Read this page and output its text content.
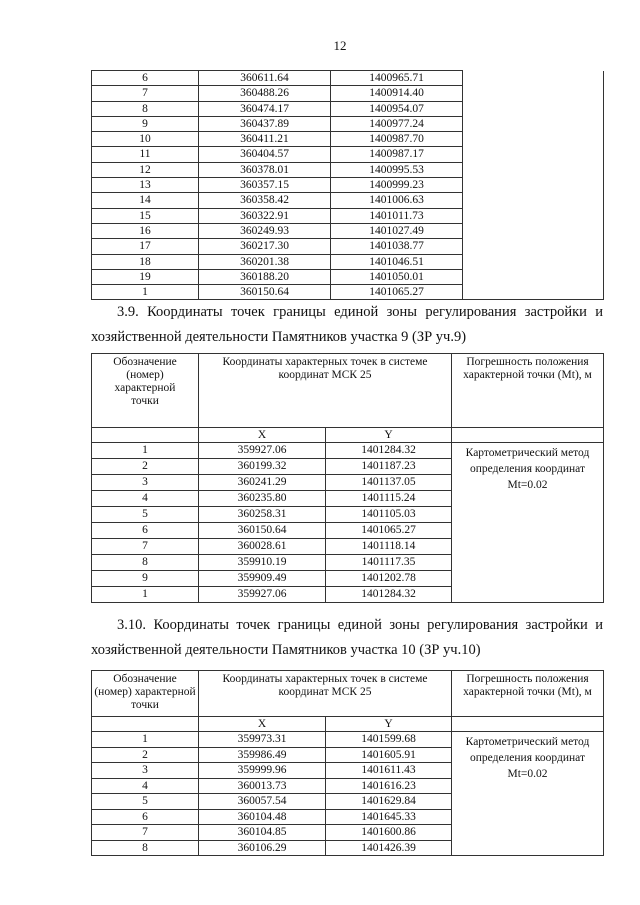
12
6	360611.64	1400965.71	
7	360488.26	1400914.40	
8	360474.17	1400954.07	
9	360437.89	1400977.24	
10	360411.21	1400987.70	
11	360404.57	1400987.17	
12	360378.01	1400995.53	
13	360357.15	1400999.23	
14	360358.42	1401006.63	
15	360322.91	1401011.73	
16	360249.93	1401027.49	
17	360217.30	1401038.77	
18	360201.38	1401046.51	
19	360188.20	1401050.01	
1	360150.64	1401065.27	
3.9. Координаты точек границы единой зоны регулирования застройки и
хозяйственной деятельности Памятников участка 9 (ЗР уч.9)
Обозначение (номер) характерной точки	Координаты характерных точек в системе координат МСК 25		Погрешность положения характерной точки (Mt), м
	X	Y	
1	359927.06	1401284.32	Картометрический метод определения координат Mt=0.02
2	360199.32	1401187.23	
3	360241.29	1401137.05	
4	360235.80	1401115.24	
5	360258.31	1401105.03	
6	360150.64	1401065.27	
7	360028.61	1401118.14	
8	359910.19	1401117.35	
9	359909.49	1401202.78	
1	359927.06	1401284.32	
3.10. Координаты точек границы единой зоны регулирования застройки и
хозяйственной деятельности Памятников участка 10 (ЗР уч.10)
Обозначение (номер) характерной точки	Координаты характерных точек в системе координат МСК 25		Погрешность положения характерной точки (Mt), м
	X	Y	
1	359973.31	1401599.68	Картометрический метод определения координат Mt=0.02
2	359986.49	1401605.91	
3	359999.96	1401611.43	
4	360013.73	1401616.23	
5	360057.54	1401629.84	
6	360104.48	1401645.33	
7	360104.85	1401600.86	
8	360106.29	1401426.39	
